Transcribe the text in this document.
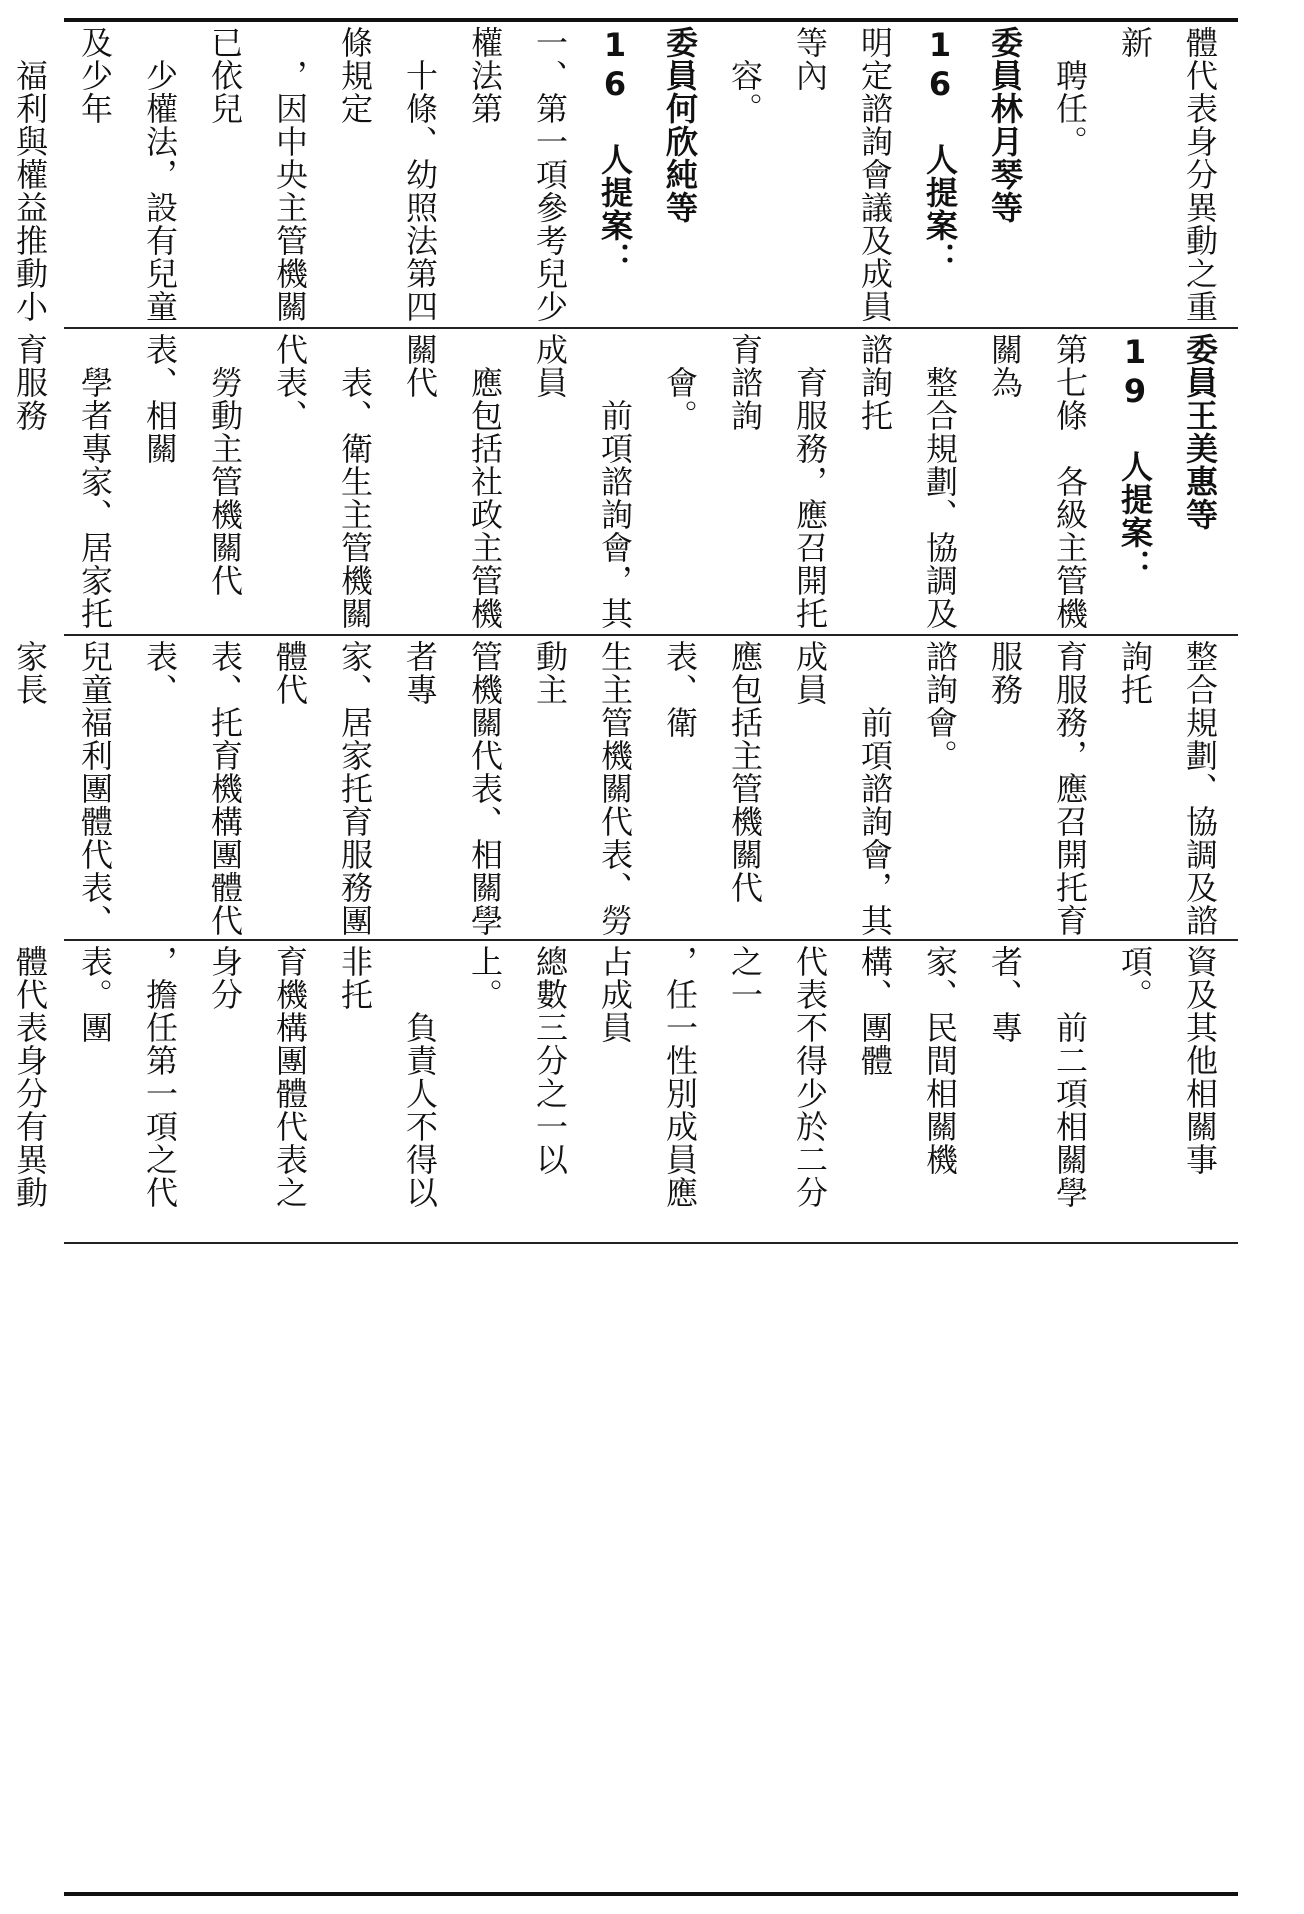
體代表身分異動之重新

　聘任。

委員林月琴等 16 人提案：

明定諮詢會議及成員等內

　容。

委員何欣純等 16 人提案：

一、第一項參考兒少權法第

　十條、幼照法第四條規定

　，因中央主管機關已依兒

　少權法，設有兒童及少年

　福利與權益推動小

委員王美惠等 19 人提案：

第七條　各級主管機關為

　整合規劃、協調及諮詢托

　育服務，應召開托育諮詢

　會。

　　前項諮詢會，其成員

　應包括社政主管機關代

　表、衛生主管機關代表、

　勞動主管機關代表、相關

　學者專家、居家托育服務

整合規劃、協調及諮詢托

育服務，應召開托育服務

諮詢會。

　　前項諮詢會，其成員

應包括主管機關代表、衛

生主管機關代表、勞動主

管機關代表、相關學者專

家、居家托育服務團體代

表、托育機構團體代表、

兒童福利團體代表、家長

資及其他相關事項。

　　前二項相關學者、專

家、民間相關機構、團體

代表不得少於二分之一

，任一性別成員應占成員

總數三分之一以上。

　　負責人不得以非托

育機構團體代表之身分

，擔任第一項之代表。團

體代表身分有異動
